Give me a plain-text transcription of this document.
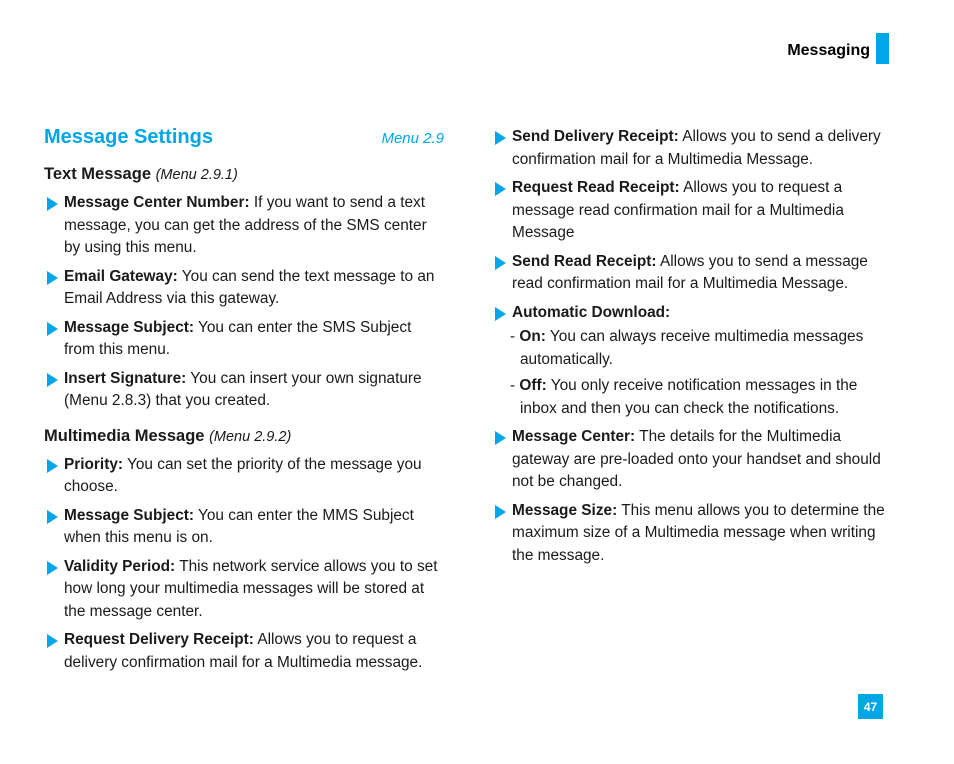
Messaging
Message Settings	Menu 2.9
Text Message (Menu 2.9.1)
Message Center Number: If you want to send a text message, you can get the address of the SMS center by using this menu.
Email Gateway: You can send the text message to an Email Address via this gateway.
Message Subject: You can enter the SMS Subject from this menu.
Insert Signature: You can insert your own signature (Menu 2.8.3) that you created.
Multimedia Message (Menu 2.9.2)
Priority: You can set the priority of the message you choose.
Message Subject: You can enter the MMS Subject when this menu is on.
Validity Period: This network service allows you to set how long your multimedia messages will be stored at the message center.
Request Delivery Receipt: Allows you to request a delivery confirmation mail for a Multimedia message.
Send Delivery Receipt: Allows you to send a delivery confirmation mail for a Multimedia Message.
Request Read Receipt: Allows you to request a message read confirmation mail for a Multimedia Message
Send Read Receipt: Allows you to send a message read confirmation mail for a Multimedia Message.
Automatic Download:
- On: You can always receive multimedia messages automatically.
- Off: You only receive notification messages in the inbox and then you can check the notifications.
Message Center: The details for the Multimedia gateway are pre-loaded onto your handset and should not be changed.
Message Size: This menu allows you to determine the maximum size of a Multimedia message when writing the message.
47
